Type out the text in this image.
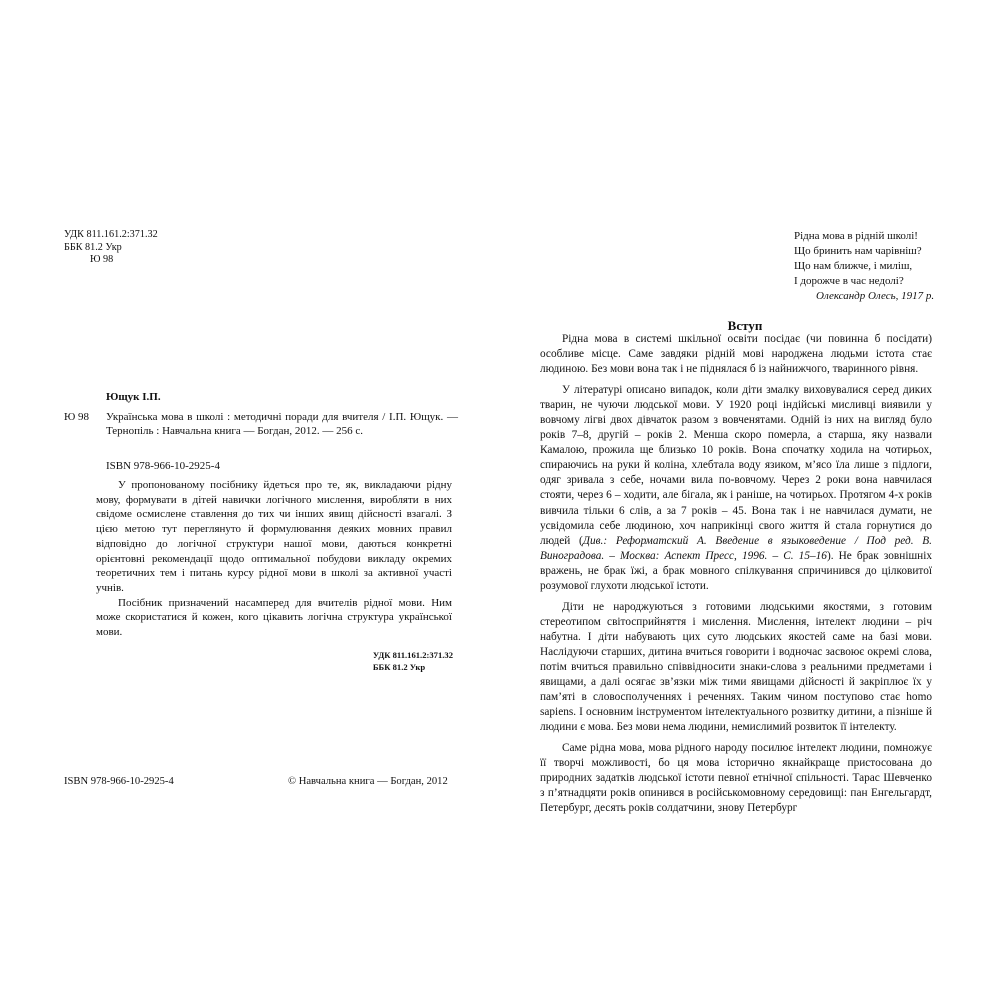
УДК 811.161.2:371.32
ББК 81.2 Укр
Ю 98
Ющук І.П.
Ю 98 Українська мова в школі : методичні поради для вчителя / І.П. Ющук. — Тернопіль : Навчальна книга — Богдан, 2012. — 256 с.
ISBN 978-966-10-2925-4

У пропонованому посібнику йдеться про те, як, викладаючи рідну мову, формувати в дітей навички логічного мислення, виробляти в них свідоме осмислене ставлення до тих чи інших явищ дійсності взагалі. З цією метою тут переглянуто й формулювання деяких мовних правил відповідно до логічної структури нашої мови, даються конкретні орієнтовні рекомендації щодо оптимальної побудови викладу окремих теоретичних тем і питань курсу рідної мови в школі за активної участі учнів.

Посібник призначений насамперед для вчителів рідної мови. Ним може скористатися й кожен, кого цікавить логічна структура української мови.

УДК 811.161.2:371.32
ББК 81.2 Укр
ISBN 978-966-10-2925-4	© Навчальна книга — Богдан, 2012
Рідна мова в рідній школі!
Що бринить нам чарівніш?
Що нам ближче, і миліш,
І дорожче в час недолі?
Олександр Олесь, 1917 р.
Вступ

Рідна мова в системі шкільної освіти посідає (чи повинна б посідати) особливе місце. Саме завдяки рідній мові народжена людьми істота стає людиною. Без мови вона так і не піднялася б із найнижчого, тваринного рівня.

У літературі описано випадок, коли діти змалку виховувалися серед диких тварин, не чуючи людської мови. У 1920 році індійські мисливці виявили у вовчому лігві двох дівчаток разом з вовченятами. Одній із них на вигляд було років 7–8, другій – років 2. Менша скоро померла, а старша, яку назвали Камалою, прожила ще близько 10 років. Вона спочатку ходила на чотирьох, спираючись на руки й коліна, хлебтала воду язиком, м’ясо їла лише з підлоги, одяг зривала з себе, ночами вила по-вовчому. Через 2 роки вона навчилася стояти, через 6 – ходити, але бігала, як і раніше, на чотирьох. Протягом 4-х років вивчила тільки 6 слів, а за 7 років – 45. Вона так і не навчилася думати, не усвідомила себе людиною, хоч наприкінці свого життя й стала горнутися до людей (Див.: Реформатский А. Введение в языковедение / Под ред. В. Виноградова. – Москва: Аспект Пресс, 1996. – С. 15–16). Не брак зовнішніх вражень, не брак їжі, а брак мовного спілкування спричинився до цілковитої розумової глухоти людської істоти.

Діти не народжуються з готовими людськими якостями, з готовим стереотипом світосприйняття і мислення. Мислення, інтелект людини – річ набутна. І діти набувають цих суто людських якостей саме на базі мови. Наслідуючи старших, дитина вчиться говорити і водночас засвоює окремі слова, потім вчиться правильно співвідносити знаки-слова з реальними предметами і явищами, а далі осягає зв’язки між тими явищами дійсності й закріплює їх у пам’яті в словосполученнях і реченнях. Таким чином поступово стає homo sapiens. І основним інструментом інтелектуального розвитку дитини, а пізніше й людини є мова. Без мови нема людини, немислимий розвиток її інтелекту.

Саме рідна мова, мова рідного народу посилює інтелект людини, помножує її творчі можливості, бо ця мова історично якнайкраще пристосована до природних задатків людської істоти певної етнічної спільності. Тарас Шевченко з п’ятнадцяти років опинився в російськомовному середовищі: пан Енгельгардт, Петербург, десять років солдатчини, знову Петербург
